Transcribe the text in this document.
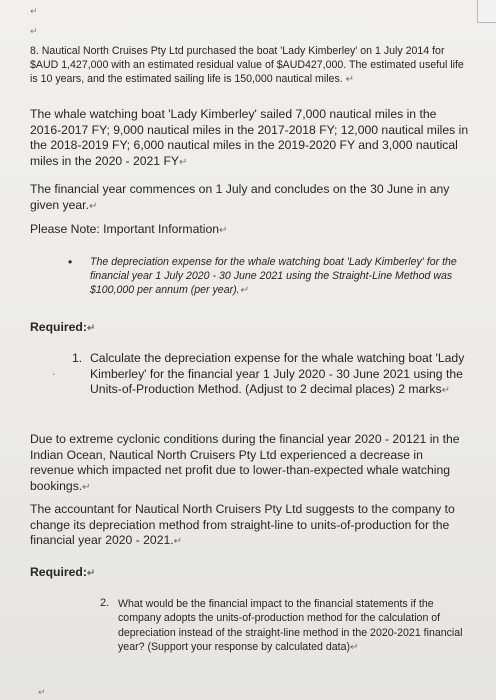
↵
↵

8. Nautical North Cruises Pty Ltd purchased the boat 'Lady Kimberley' on 1 July 2014 for $AUD 1,427,000 with an estimated residual value of $AUD427,000. The estimated useful life is 10 years, and the estimated sailing life is 150,000 nautical miles. ↵

The whale watching boat 'Lady Kimberley' sailed 7,000 nautical miles in the 2016-2017 FY; 9,000 nautical miles in the 2017-2018 FY; 12,000 nautical miles in the 2018-2019 FY; 6,000 nautical miles in the 2019-2020 FY and 3,000 nautical miles in the 2020 - 2021 FY↵

The financial year commences on 1 July and concludes on the 30 June in any given year.↵

Please Note: Important Information↵

• The depreciation expense for the whale watching boat 'Lady Kimberley' for the financial year 1 July 2020 - 30 June 2021 using the Straight-Line Method was $100,000 per annum (per year).↵

Required:↵

1.
.

Calculate the depreciation expense for the whale watching boat 'Lady Kimberley' for the financial year 1 July 2020 - 30 June 2021 using the Units-of-Production Method. (Adjust to 2 decimal places) 2 marks↵

Due to extreme cyclonic conditions during the financial year 2020 - 20121 in the Indian Ocean, Nautical North Cruisers Pty Ltd experienced a decrease in revenue which impacted net profit due to lower-than-expected whale watching bookings.↵

The accountant for Nautical North Cruisers Pty Ltd suggests to the company to change its depreciation method from straight-line to units-of-production for the financial year 2020 - 2021.↵

Required:↵

2. What would be the financial impact to the financial statements if the company adopts the units-of-production method for the calculation of depreciation instead of the straight-line method in the 2020-2021 financial year? (Support your response by calculated data)↵

↵
